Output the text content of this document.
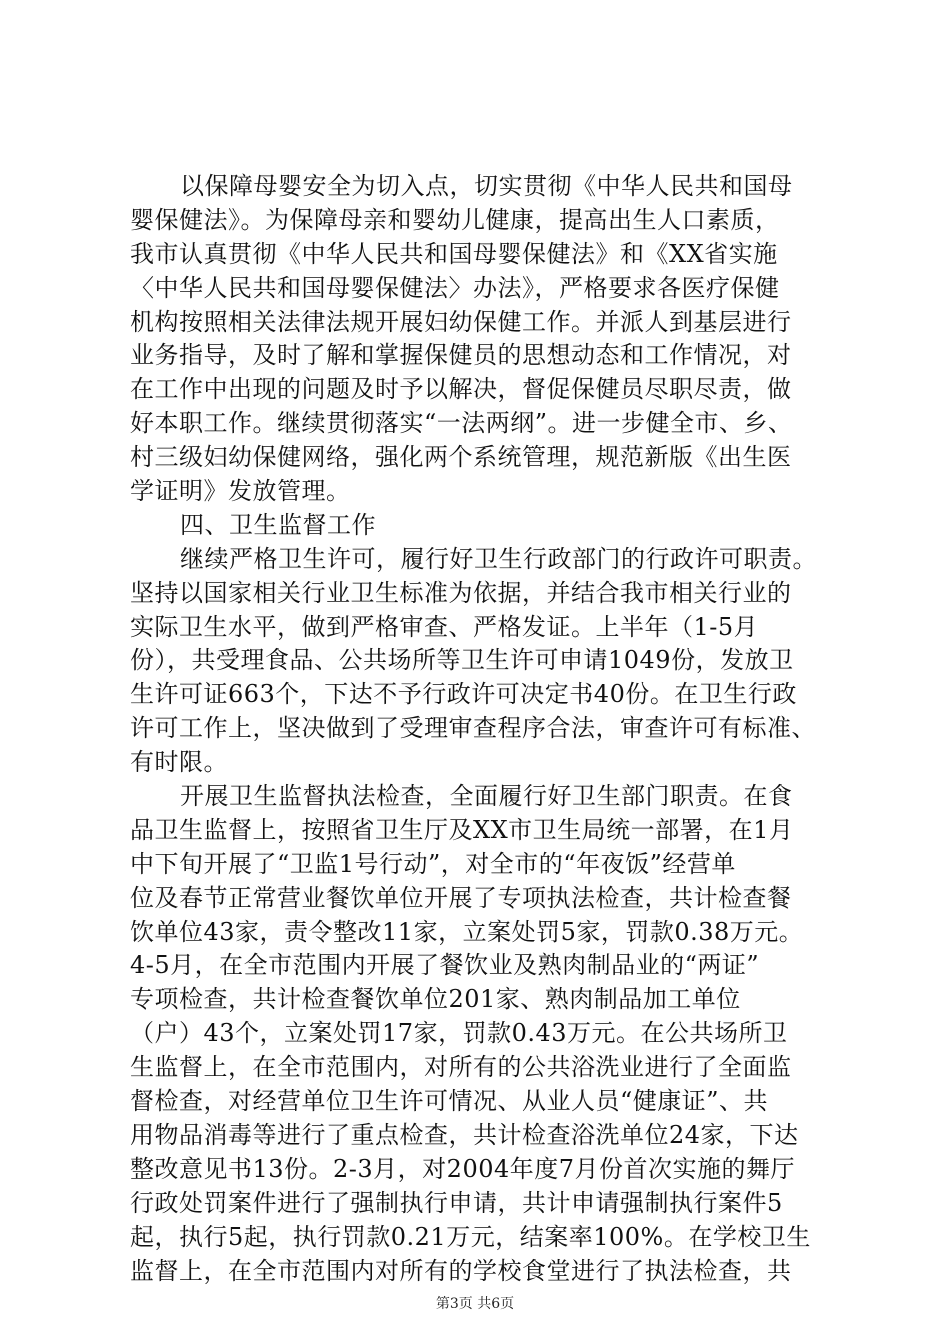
以保障母婴安全为切入点，切实贯彻《中华人民共和国母
婴保健法》。为保障母亲和婴幼儿健康，提高出生人口素质，
我市认真贯彻《中华人民共和国母婴保健法》和《XX省实施
〈中华人民共和国母婴保健法〉办法》，严格要求各医疗保健
机构按照相关法律法规开展妇幼保健工作。并派人到基层进行
业务指导，及时了解和掌握保健员的思想动态和工作情况，对
在工作中出现的问题及时予以解决，督促保健员尽职尽责，做
好本职工作。继续贯彻落实“一法两纲”。进一步健全市、乡、
村三级妇幼保健网络，强化两个系统管理，规范新版《出生医
学证明》发放管理。
四、卫生监督工作
继续严格卫生许可，履行好卫生行政部门的行政许可职责。
坚持以国家相关行业卫生标准为依据，并结合我市相关行业的
实际卫生水平，做到严格审查、严格发证。上半年（1-5月
份），共受理食品、公共场所等卫生许可申请1049份，发放卫
生许可证663个，下达不予行政许可决定书40份。在卫生行政
许可工作上，坚决做到了受理审查程序合法，审查许可有标准、
有时限。
开展卫生监督执法检查，全面履行好卫生部门职责。在食
品卫生监督上，按照省卫生厅及XX市卫生局统一部署，在1月
中下旬开展了“卫监1号行动”，对全市的“年夜饭”经营单
位及春节正常营业餐饮单位开展了专项执法检查，共计检查餐
饮单位43家，责令整改11家，立案处罚5家，罚款0.38万元。
4-5月，在全市范围内开展了餐饮业及熟肉制品业的“两证”
专项检查，共计检查餐饮单位201家、熟肉制品加工单位
（户）43个，立案处罚17家，罚款0.43万元。在公共场所卫
生监督上，在全市范围内，对所有的公共浴洗业进行了全面监
督检查，对经营单位卫生许可情况、从业人员“健康证”、共
用物品消毒等进行了重点检查，共计检查浴洗单位24家，下达
整改意见书13份。2-3月，对2004年度7月份首次实施的舞厅
行政处罚案件进行了强制执行申请，共计申请强制执行案件5
起，执行5起，执行罚款0.21万元，结案率100%。在学校卫生
监督上，在全市范围内对所有的学校食堂进行了执法检查，共
第3页 共6页
